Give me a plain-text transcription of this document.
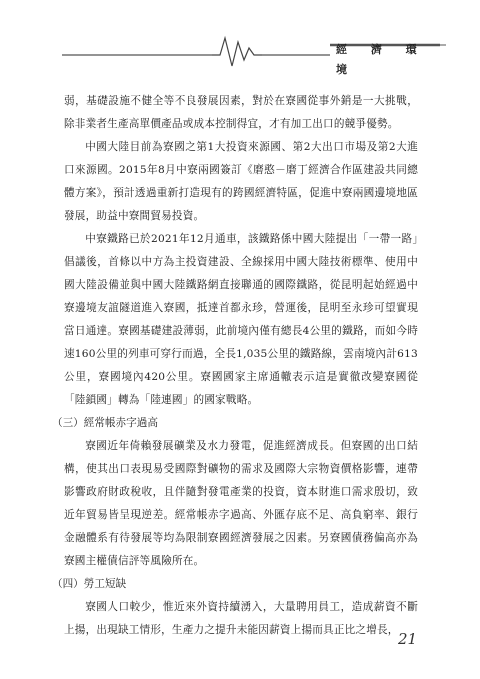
經 濟 環 境

弱，基礎設施不健全等不良發展因素，對於在寮國從事外銷是一大挑戰，除非業者生產高單價產品或成本控制得宜，才有加工出口的競爭優勢。

中國大陸目前為寮國之第1大投資來源國、第2大出口市場及第2大進口來源國。2015年8月中寮兩國簽訂《磨憨－磨丁經濟合作區建設共同總體方案》，預計透過重新打造現有的跨國經濟特區，促進中寮兩國邊境地區發展，助益中寮間貿易投資。

中寮鐵路已於2021年12月通車，該鐵路係中國大陸提出「一帶一路」倡議後，首條以中方為主投資建設、全線採用中國大陸技術標準、使用中國大陸設備並與中國大陸鐵路網直接聯通的國際鐵路，從昆明起始經過中寮邊境友誼隧道進入寮國，抵達首都永珍，營運後，昆明至永珍可望實現當日通達。寮國基礎建設薄弱，此前境內僅有總長4公里的鐵路，而如今時速160公里的列車可穿行而過，全長1,035公里的鐵路線，雲南境內計613公里，寮國境內420公里。寮國國家主席通轍表示這是實徹改變寮國從「陸鎖國」轉為「陸連國」的國家戰略。

（三）經常帳赤字過高

寮國近年倚賴發展礦業及水力發電，促進經濟成長。但寮國的出口結構，使其出口表現易受國際對礦物的需求及國際大宗物資價格影響，連帶影響政府財政稅收，且伴隨對發電產業的投資，資本財進口需求殷切，致近年貿易皆呈現逆差。經常帳赤字過高、外匯存底不足、高負窮率、銀行金融體系有待發展等均為限制寮國經濟發展之因素。另寮國債務偏高亦為寮國主權債信評等風險所在。

（四）勞工短缺

寮國人口較少，惟近來外資持續湧入，大量聘用員工，造成薪資不斷上揚，出現缺工情形，生產力之提升未能因薪資上揚而具正比之增長， 21
